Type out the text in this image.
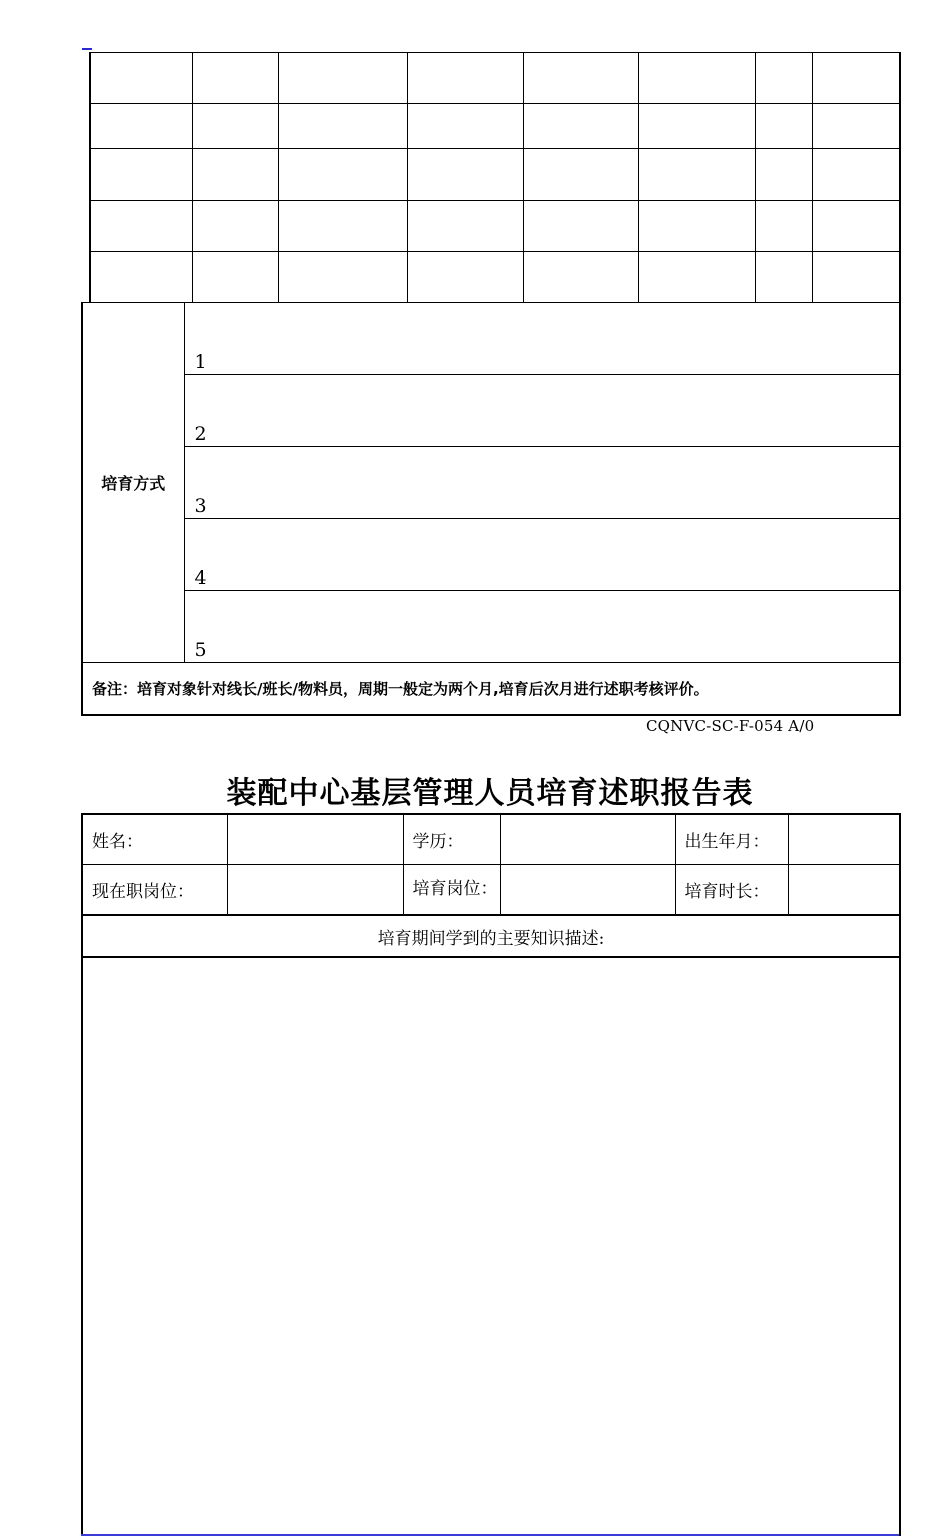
培育方式	1
2
3
4
5
备注：培育对象针对线长/班长/物料员，周期一般定为两个月,培育后次月进行述职考核评价。
CQNVC-SC-F-054 A/0
装配中心基层管理人员培育述职报告表
姓名：		学历：		出生年月：	
现在职岗位：		培育岗位：		培育时长：	
培育期间学到的主要知识描述:					
